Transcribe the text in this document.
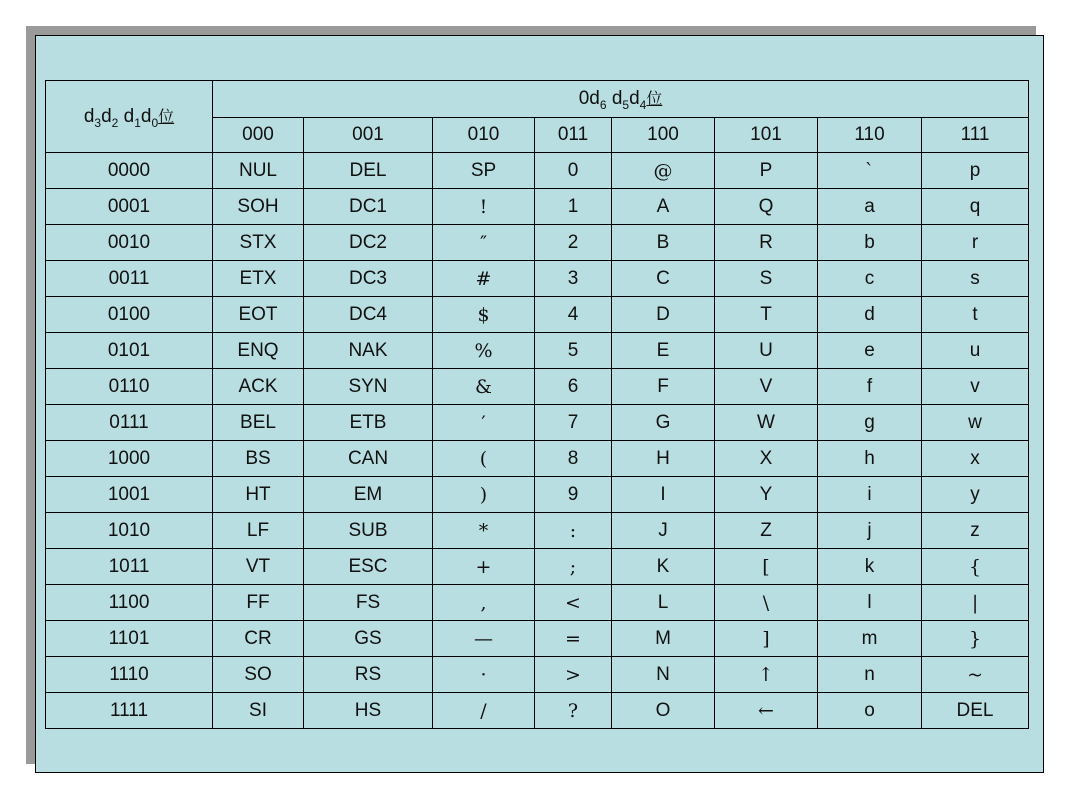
$d_3d_2$ $d_1d_0$位	$0d_6$ $d_5d_4$位							
	000	001	010	011	100	101	110	111
0000	NUL	DEL	SP	0	@	P	ˋ	p
0001	SOH	DC1	!	1	A	Q	a	q
0010	STX	DC2	″	2	B	R	b	r
0011	ETX	DC3	#	3	C	S	c	s
0100	EOT	DC4	$	4	D	T	d	t
0101	ENQ	NAK	%	5	E	U	e	u
0110	ACK	SYN	&	6	F	V	f	v
0111	BEL	ETB	′	7	G	W	g	w
1000	BS	CAN	(	8	H	X	h	x
1001	HT	EM	)	9	I	Y	i	y
1010	LF	SUB	*	:	J	Z	j	z
1011	VT	ESC	+	;	K	[	k	{
1100	FF	FS	,	<	L	\	l	|
1101	CR	GS	—	=	M	]	m	}
1110	SO	RS	·	>	N	↑	n	~
1111	SI	HS	/	?	O	←	o	DEL
